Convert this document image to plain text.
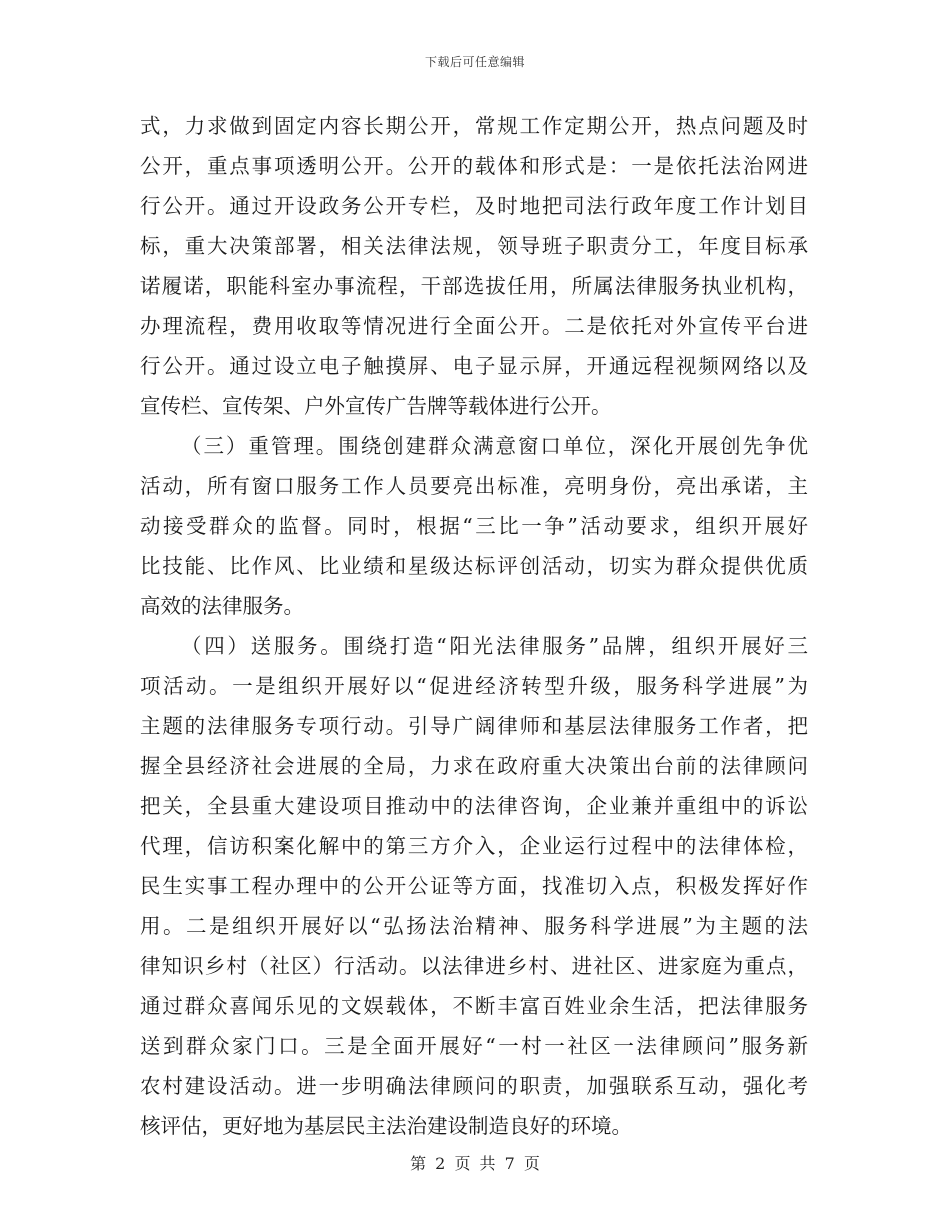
下载后可任意编辑
式，力求做到固定内容长期公开，常规工作定期公开，热点问题及时
公开，重点事项透明公开。公开的载体和形式是：一是依托法治网进
行公开。通过开设政务公开专栏，及时地把司法行政年度工作计划目
标，重大决策部署，相关法律法规，领导班子职责分工，年度目标承
诺履诺，职能科室办事流程，干部选拔任用，所属法律服务执业机构，
办理流程，费用收取等情况进行全面公开。二是依托对外宣传平台进
行公开。通过设立电子触摸屏、电子显示屏，开通远程视频网络以及
宣传栏、宣传架、户外宣传广告牌等载体进行公开。
（三）重管理。围绕创建群众满意窗口单位，深化开展创先争优
活动，所有窗口服务工作人员要亮出标准，亮明身份，亮出承诺，主
动接受群众的监督。同时，根据“三比一争”活动要求，组织开展好
比技能、比作风、比业绩和星级达标评创活动，切实为群众提供优质
高效的法律服务。
（四）送服务。围绕打造“阳光法律服务”品牌，组织开展好三
项活动。一是组织开展好以“促进经济转型升级，服务科学进展”为
主题的法律服务专项行动。引导广阔律师和基层法律服务工作者，把
握全县经济社会进展的全局，力求在政府重大决策出台前的法律顾问
把关，全县重大建设项目推动中的法律咨询，企业兼并重组中的诉讼
代理，信访积案化解中的第三方介入，企业运行过程中的法律体检，
民生实事工程办理中的公开公证等方面，找准切入点，积极发挥好作
用。二是组织开展好以“弘扬法治精神、服务科学进展”为主题的法
律知识乡村（社区）行活动。以法律进乡村、进社区、进家庭为重点，
通过群众喜闻乐见的文娱载体，不断丰富百姓业余生活，把法律服务
送到群众家门口。三是全面开展好“一村一社区一法律顾问”服务新
农村建设活动。进一步明确法律顾问的职责，加强联系互动，强化考
核评估，更好地为基层民主法治建设制造良好的环境。
第 2 页 共 7 页
